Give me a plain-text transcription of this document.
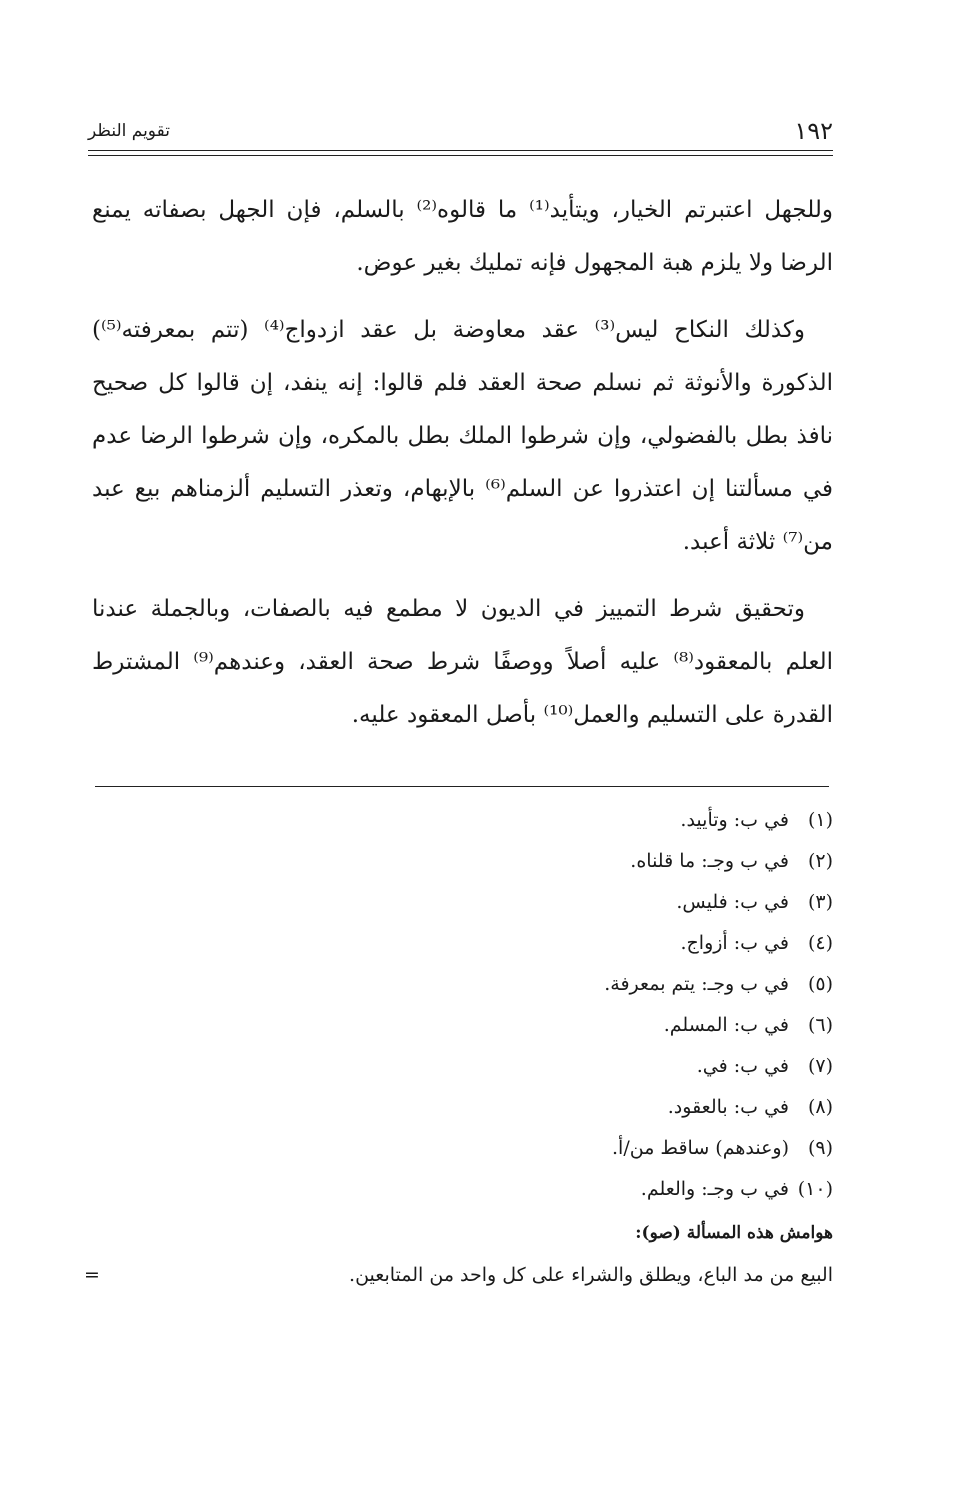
١٩٢
تقويم النظر

وللجهل اعتبرتم الخيار، ويتأيد⁽¹⁾ ما قالوه⁽²⁾ بالسلم، فإن الجهل بصفاته يمنع الرضا ولا يلزم هبة المجهول فإنه تمليك بغير عوض.

وكذلك النكاح ليس⁽³⁾ عقد معاوضة بل عقد ازدواج⁽⁴⁾ (تتم بمعرفته⁽⁵⁾) الذكورة والأنوثة ثم نسلم صحة العقد فلم قالوا: إنه ينفد، إن قالوا كل صحيح نافذ بطل بالفضولي، وإن شرطوا الملك بطل بالمكره، وإن شرطوا الرضا عدم في مسألتنا إن اعتذروا عن السلم⁽⁶⁾ بالإبهام، وتعذر التسليم ألزمناهم بيع عبد من⁽⁷⁾ ثلاثة أعبد.

وتحقيق شرط التمييز في الديون لا مطمع فيه بالصفات، وبالجملة عندنا العلم بالمعقود⁽⁸⁾ عليه أصلاً ووصفًا شرط صحة العقد، وعندهم⁽⁹⁾ المشترط القدرة على التسليم والعمل⁽¹⁰⁾ بأصل المعقود عليه.

(١)
في ب: وتأييد.
(٢)
في ب وجـ: ما قلناه.
(٣)
في ب: فليس.
(٤)
في ب: أزواج.
(٥)
في ب وجـ: يتم بمعرفة.
(٦)
في ب: المسلم.
(٧)
في ب: في.
(٨)
في ب: بالعقود.
(٩)
(وعندهم) ساقط من/أ.
(١٠)
في ب وجـ: والعلم.
هوامش هذه المسألة (صو):
البيع من مد الباع، ويطلق والشراء على كل واحد من المتابعين.
=
